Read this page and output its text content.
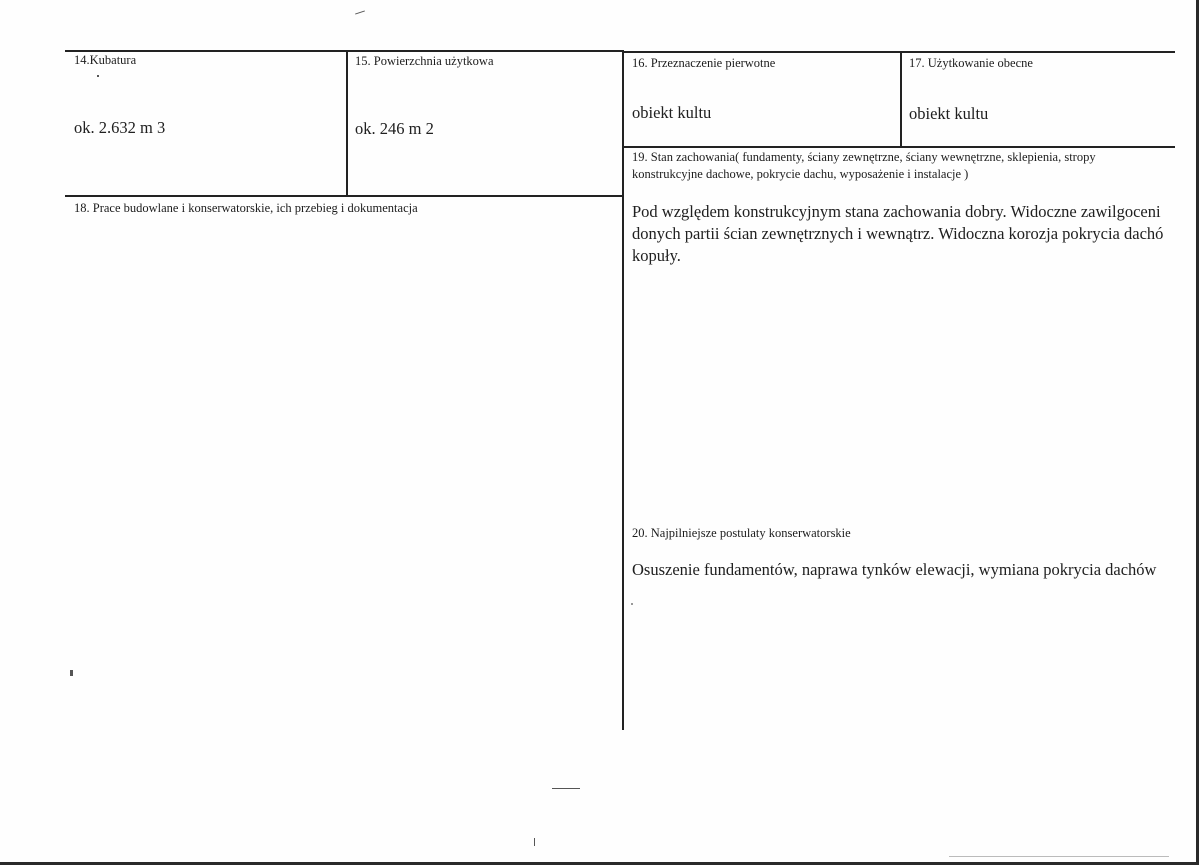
14.Kubatura
ok. 2.632 m 3
15. Powierzchnia użytkowa
ok. 246 m 2
16. Przeznaczenie pierwotne
obiekt kultu
17. Użytkowanie obecne
obiekt kultu
19. Stan zachowania( fundamenty, ściany zewnętrzne, ściany wewnętrzne, sklepienia, stropy
konstrukcyjne dachowe, pokrycie dachu, wyposażenie i instalacje )
Pod względem konstrukcyjnym stana zachowania dobry. Widoczne zawilgoceni
donych partii ścian zewnętrznych i wewnątrz. Widoczna korozja pokrycia dachó
kopuły.
18. Prace budowlane i konserwatorskie, ich przebieg i dokumentacja
20. Najpilniejsze postulaty konserwatorskie
Osuszenie fundamentów, naprawa tynków elewacji, wymiana pokrycia dachów
